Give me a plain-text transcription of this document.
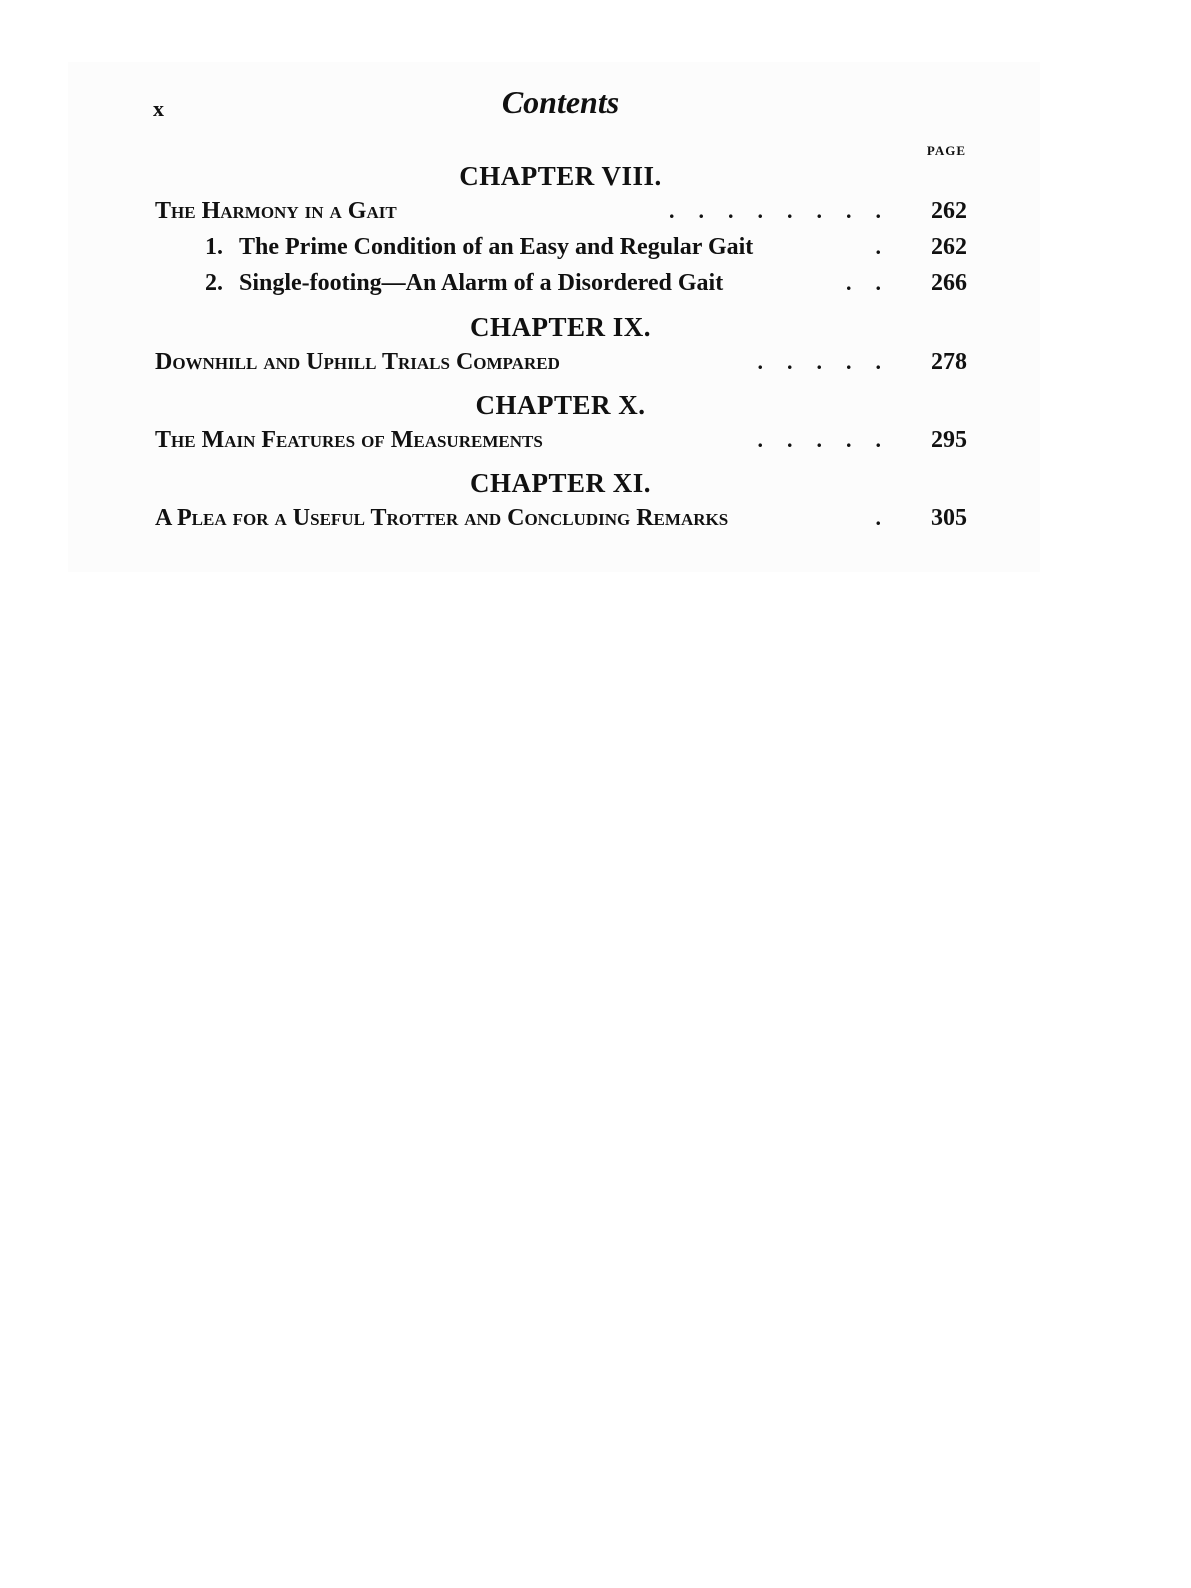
x	Contents
PAGE
CHAPTER VIII.
The Harmony in a Gait	........	262
1. The Prime Condition of an Easy and Regular Gait	.	262
2. Single-footing—An Alarm of a Disordered Gait	..	266
CHAPTER IX.
Downhill and Uphill Trials Compared	.....	278
CHAPTER X.
The Main Features of Measurements	.....	295
CHAPTER XI.
A Plea for a Useful Trotter and Concluding Remarks	.	305
